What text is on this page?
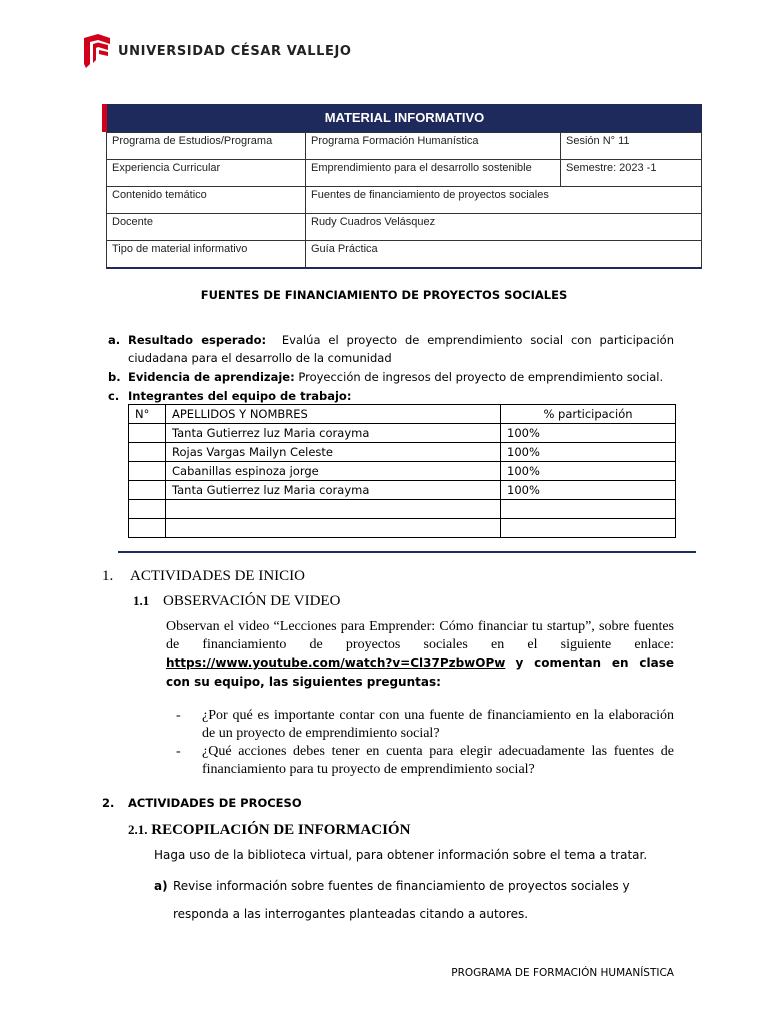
UNIVERSIDAD CÉSAR VALLEJO
MATERIAL INFORMATIVO
Programa de Estudios/Programa	Programa Formación Humanística	Sesión N° 11
Experiencia Curricular	Emprendimiento para el desarrollo sostenible	Semestre: 2023 -1
Contenido temático	Fuentes de financiamiento de proyectos sociales	
Docente	Rudy Cuadros Velásquez	
Tipo de material informativo	Guía Práctica	
FUENTES DE FINANCIAMIENTO DE PROYECTOS SOCIALES
a. Resultado esperado: Evalúa el proyecto de emprendimiento social con participación ciudadana para el desarrollo de la comunidad
b. Evidencia de aprendizaje: Proyección de ingresos del proyecto de emprendimiento social.
c. Integrantes del equipo de trabajo:
N°	APELLIDOS Y NOMBRES	% participación
	Tanta Gutierrez luz Maria corayma	100%
	Rojas Vargas Mailyn Celeste	100%
	Cabanillas espinoza jorge	100%
	Tanta Gutierrez luz Maria corayma	100%

1. ACTIVIDADES DE INICIO
1.1 OBSERVACIÓN DE VIDEO
Observan el video “Lecciones para Emprender: Cómo financiar tu startup”, sobre fuentes de financiamiento de proyectos sociales en el siguiente enlace: https://www.youtube.com/watch?v=Cl37PzbwOPw y comentan en clase con su equipo, las siguientes preguntas:
- ¿Por qué es importante contar con una fuente de financiamiento en la elaboración de un proyecto de emprendimiento social?
- ¿Qué acciones debes tener en cuenta para elegir adecuadamente las fuentes de financiamiento para tu proyecto de emprendimiento social?
2. ACTIVIDADES DE PROCESO
2.1. RECOPILACIÓN DE INFORMACIÓN
Haga uso de la biblioteca virtual, para obtener información sobre el tema a tratar.
a) Revise información sobre fuentes de financiamiento de proyectos sociales y responda a las interrogantes planteadas citando a autores.
PROGRAMA DE FORMACIÓN HUMANÍSTICA
